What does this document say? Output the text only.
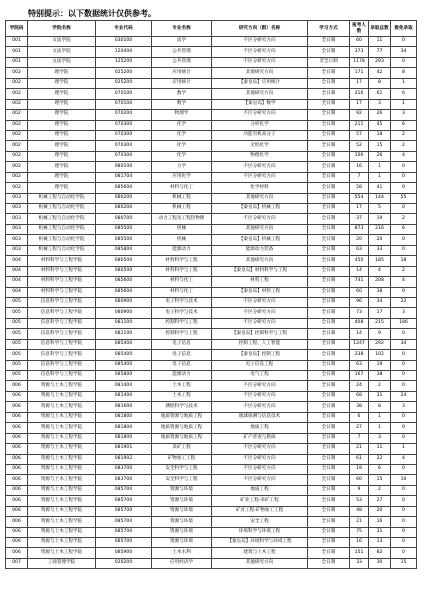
特别提示：以下数据统计仅供参考。
学院码	学院名称	专业代码	专业名称	研究方向（群）名称	学习方式	报考人数	录取总数	推免录取
001	文法学院	030100	法学	不区分研究方向	全日制	60	11	0
001	文法学院	120400	公共管理	不区分研究方向	全日制	373	77	34
001	文法学院	125200	公共管理	不区分研究方向	非全日制	1178	293	0
002	理学院	025200	应用统计	其他研究方向	全日制	171	42	8
002	理学院	025200	应用统计	【秦皇岛】应用统计	全日制	17	8	1
002	理学院	070100	数学	其他研究方向	全日制	216	61	6
002	理学院	070100	数学	【秦皇岛】数学	全日制	17	3	1
002	理学院	070200	物理学	不区分研究方向	全日制	92	26	3
002	理学院	070300	化学	分析化学	全日制	211	45	6
002	理学院	070300	化学	功能有机高分子	全日制	57	18	2
002	理学院	070300	化学	无机化学	全日制	52	15	2
002	理学院	070300	化学	物理化学	全日制	106	26	4
002	理学院	080100	力学	不区分研究方向	全日制	16	1	0
002	理学院	081704	应用化学	不区分研究方向	全日制	7	1	0
002	理学院	085600	材料与化工	化学材料	全日制	58	41	0
003	机械工程与自动化学院	080200	机械工程	其他研究方向	全日制	554	144	55
003	机械工程与自动化学院	080200	机械工程	【秦皇岛】机械工程	全日制	17	5	0
003	机械工程与自动化学院	080700	动力工程及工程热物理	不区分研究方向	全日制	37	19	2
003	机械工程与自动化学院	085500	机械	其他研究方向	全日制	873	216	6
003	机械工程与自动化学院	085500	机械	【秦皇岛】机械工程	全日制	20	20	0
003	机械工程与自动化学院	085800	能源动力	能源动力装备	全日制	63	33	0
004	材料科学与工程学院	080500	材料科学与工程	其他研究方向	全日制	450	185	18
004	材料科学与工程学院	080500	材料科学与工程	【秦皇岛】材料科学与工程	全日制	14	4	2
004	材料科学与工程学院	085600	材料与化工	材料工程	全日制	741	208	4
004	材料科学与工程学院	085600	材料与化工	【秦皇岛】材料工程	全日制	60	38	0
005	信息科学与工程学院	080900	电子科学与技术	不区分研究方向	全日制	96	34	22
005	信息科学与工程学院	080900	电子科学与技术	不区分研究方向	全日制	73	17	3
005	信息科学与工程学院	081100	控制科学与工程	不区分研究方向	全日制	408	215	186
005	信息科学与工程学院	081100	控制科学与工程	【秦皇岛】控制科学与工程	全日制	14	9	0
005	信息科学与工程学院	085400	电子信息	控制工程、人工智能	全日制	1247	292	34
005	信息科学与工程学院	085400	电子信息	【秦皇岛】控制工程	全日制	238	102	0
005	信息科学与工程学院	085400	电子信息	电子信息工程	全日制	63	19	0
005	信息科学与工程学院	085800	能源动力	电气工程	全日制	167	38	0
006	资源与土木工程学院	081400	土木工程	不区分研究方向	全日制	24	2	0
006	资源与土木工程学院	081400	土木工程	不区分研究方向	全日制	68	31	24
006	资源与土木工程学院	081600	测绘科学与技术	不区分研究方向	全日制	38	8	3
006	资源与土木工程学院	081800	地质资源与地质工程	地球探测与信息技术	全日制	6	1	0
006	资源与土木工程学院	081800	地质资源与地质工程	地质工程	全日制	27	1	0
006	资源与土木工程学院	081800	地质资源与地质工程	矿产普查与勘探	全日制	7	3	0
006	资源与土木工程学院	081901	采矿工程	不区分研究方向	全日制	21	11	1
006	资源与土木工程学院	081902	矿物加工工程	不区分研究方向	全日制	61	22	4
006	资源与土木工程学院	083700	安全科学与工程	不区分研究方向	全日制	19	6	0
006	资源与土木工程学院	083700	安全科学与工程	不区分研究方向	全日制	60	15	10
006	资源与土木工程学院	085700	资源与环境	地质工程	全日制	9	2	0
006	资源与土木工程学院	085700	资源与环境	矿业工程-采矿工程	全日制	53	27	0
006	资源与土木工程学院	085700	资源与环境	矿业工程-矿物加工工程	全日制	48	20	0
006	资源与土木工程学院	085700	资源与环境	安全工程	全日制	21	16	0
006	资源与土木工程学院	085700	资源与环境	环境科学与环境工程	全日制	75	31	0
006	资源与土木工程学院	085700	资源与环境	【秦皇岛】环境科学与环境工程	全日制	16	13	0
006	资源与土木工程学院	085900	土木水利	建筑与土木工程	全日制	151	82	0
007	工商管理学院	020200	应用经济学	其他研究方向	全日制	33	30	15
